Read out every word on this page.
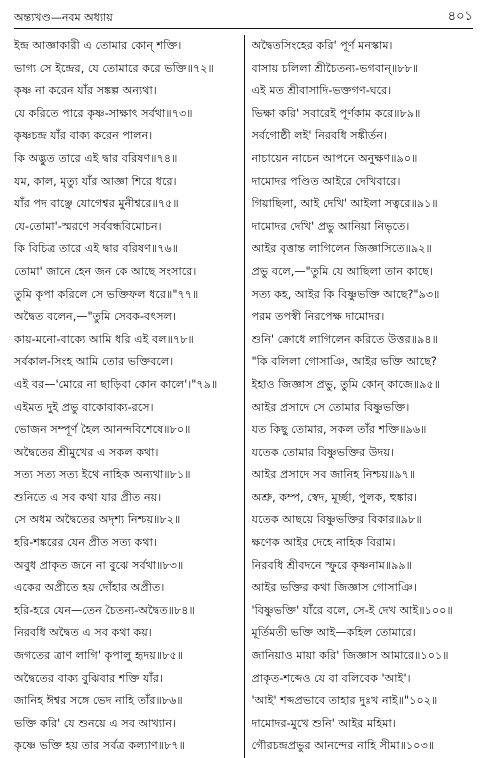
অন্ত্যখণ্ড—নবম অধ্যায়	৪০১
ইন্দ্র আজ্ঞাকারী এ তোমার কোন্ শক্তি।
ভাগ্য সে ইন্দ্রের, যে তোমারে করে ভক্তি॥৭২॥
কৃষ্ণ না করেন যাঁর সঙ্কল্প অন্যথা।
যে করিতে পারে কৃষ্ণ-সাক্ষাৎ সর্বথা॥৭৩॥
কৃষ্ণচন্দ্র যাঁর বাক্য করেন পালন।
কি অদ্ভুত তারে এই দ্বার বরিষণ॥৭৪॥
যম, কাল, মৃত্যু যাঁর আজ্ঞা শিরে ধরে।
যাঁর পদ বাঞ্ছে যোগেশ্বর মুনীশ্বরে॥৭৫॥
যে-তোমা'-স্মরণে সর্ববন্ধবিমোচন।
কি বিচিত্র তারে এই দ্বার বরিষণ॥৭৬॥
তোমা' জানে হেন জন কে আছে সংসারে।
তুমি কৃপা করিলে সে ভক্তিফল ধরে॥"৭৭॥
অদ্বৈত বলেন,—"তুমি সেবক-বৎসল।
কায়-মনো-বাক্যে আমি ধরি এই বল॥৭৮॥
সর্বকাল-সিংহ আমি তোর ভক্তিবলে।
এই বর—'মোরে না ছাড়িবা কোন কালে'।"৭৯॥
এইমত দুই প্রভু বাকোবাক্য-রসে।
ভোজন সম্পূর্ণ হৈল আনন্দবিশেষে॥৮০॥
অদ্বৈতের শ্রীমুখের এ সকল কথা।
সত্য সত্য সত্য ইথে নাহিক অন্যথা॥৮১॥
শুনিতে এ সব কথা যার প্রীত নয়।
সে অধম অদ্বৈতের অদৃশ্য নিশ্চয়॥৮২॥
হরি-শঙ্করের যেন প্রীত সত্য কথা।
অবুধ প্রাকৃত জনে না বুঝে সর্বথা॥৮৩॥
একের অপ্রীতে হয় দোঁহার অপ্রীত।
হরি-হরে যেন—তেন চৈতন্য-অদ্বৈত॥৮৪॥
নিরবধি অদ্বৈত এ সব কথা কয়।
জগতের ত্রাণ লাগি' কৃপালু হৃদয়॥৮৫॥
অদ্বৈতের বাক্য বুঝিবার শক্তি যাঁর।
জানিহ ঈশ্বর সঙ্গে ভেদ নাহি তাঁর॥৮৬॥
ভক্তি করি' যে শুনয়ে এ সব আখ্যান।
কৃষ্ণে ভক্তি হয় তার সর্বত্র কল্যাণ॥৮৭॥
অদ্বৈতসিংহের করি' পূর্ণ মনস্কাম।
বাসায় চলিলা শ্রীচৈতন্য-ভগবান্॥৮৮॥
এই মত শ্রীবাসাদি-ভক্তগণ-ঘরে।
ভিক্ষা করি' সবারেই পূর্ণকাম করে॥৮৯॥
সর্বগোষ্ঠী লই' নিরবধি সঙ্কীর্তন।
নাচায়েন নাচেন আপনে অনুক্ষণ॥৯০॥
দামোদর পণ্ডিত আইরে দেখিবারে।
গিয়াছিলা, আই দেখি' আইলা সত্বরে॥৯১॥
দামোদর দেখি' প্রভু আনিয়া নিভৃতে।
আইর বৃত্তান্ত লাগিলেন জিজ্ঞাসিতে॥৯২॥
প্রভু বলে,—"তুমি যে আছিলা তান কাছে।
সত্য কহ, আইর কি বিষ্ণুভক্তি আছে?"৯৩॥
পরম তপস্বী নিরপেক্ষ দামোদর।
শুনি' ক্রোধে লাগিলেন করিতে উত্তর॥৯৪॥
"কি বলিলা গোসাঞি, আইর ভক্তি আছে?
ইহাও জিজ্ঞাস প্রভু, তুমি কোন্ কাজে॥৯৫॥
আইর প্রসাদে সে তোমার বিষ্ণুভক্তি।
যত কিছু তোমার, সকল তাঁর শক্তি॥৯৬॥
যতেক তোমার বিষ্ণুভক্তির উদয়।
আইর প্রসাদে সব জানিহ নিশ্চয়॥৯৭॥
অশ্রু, কম্প, স্বেদ, মূর্চ্ছা, পুলক, হুঙ্কার।
যতেক আছয়ে বিষ্ণুভক্তির বিকার॥৯৮॥
ক্ষণেক আইর দেহে নাহিক বিরাম।
নিরবধি শ্রীবদনে স্ফুরে কৃষ্ণনাম॥৯৯॥
আইর ভক্তির কথা জিজ্ঞাস গোসাঞি।
'বিষ্ণুভক্তি' যাঁরে বলে, সে-ই দেখ আই॥১০০॥
মূর্তিমতী ভক্তি আই—কহিল তোমারে।
জানিয়াও মায়া করি' জিজ্ঞাস আমারে॥১০১॥
প্রাকৃত-শব্দেও যে বা বলিবেক 'আই'।
'আই' শব্দপ্রভাবে তাহার দুঃখ নাই॥"১০২॥
দামোদর-মুখে শুনি' আইর মহিমা।
গৌরচন্দ্রপ্রভুর আনন্দের নাহি সীমা॥১০৩॥
